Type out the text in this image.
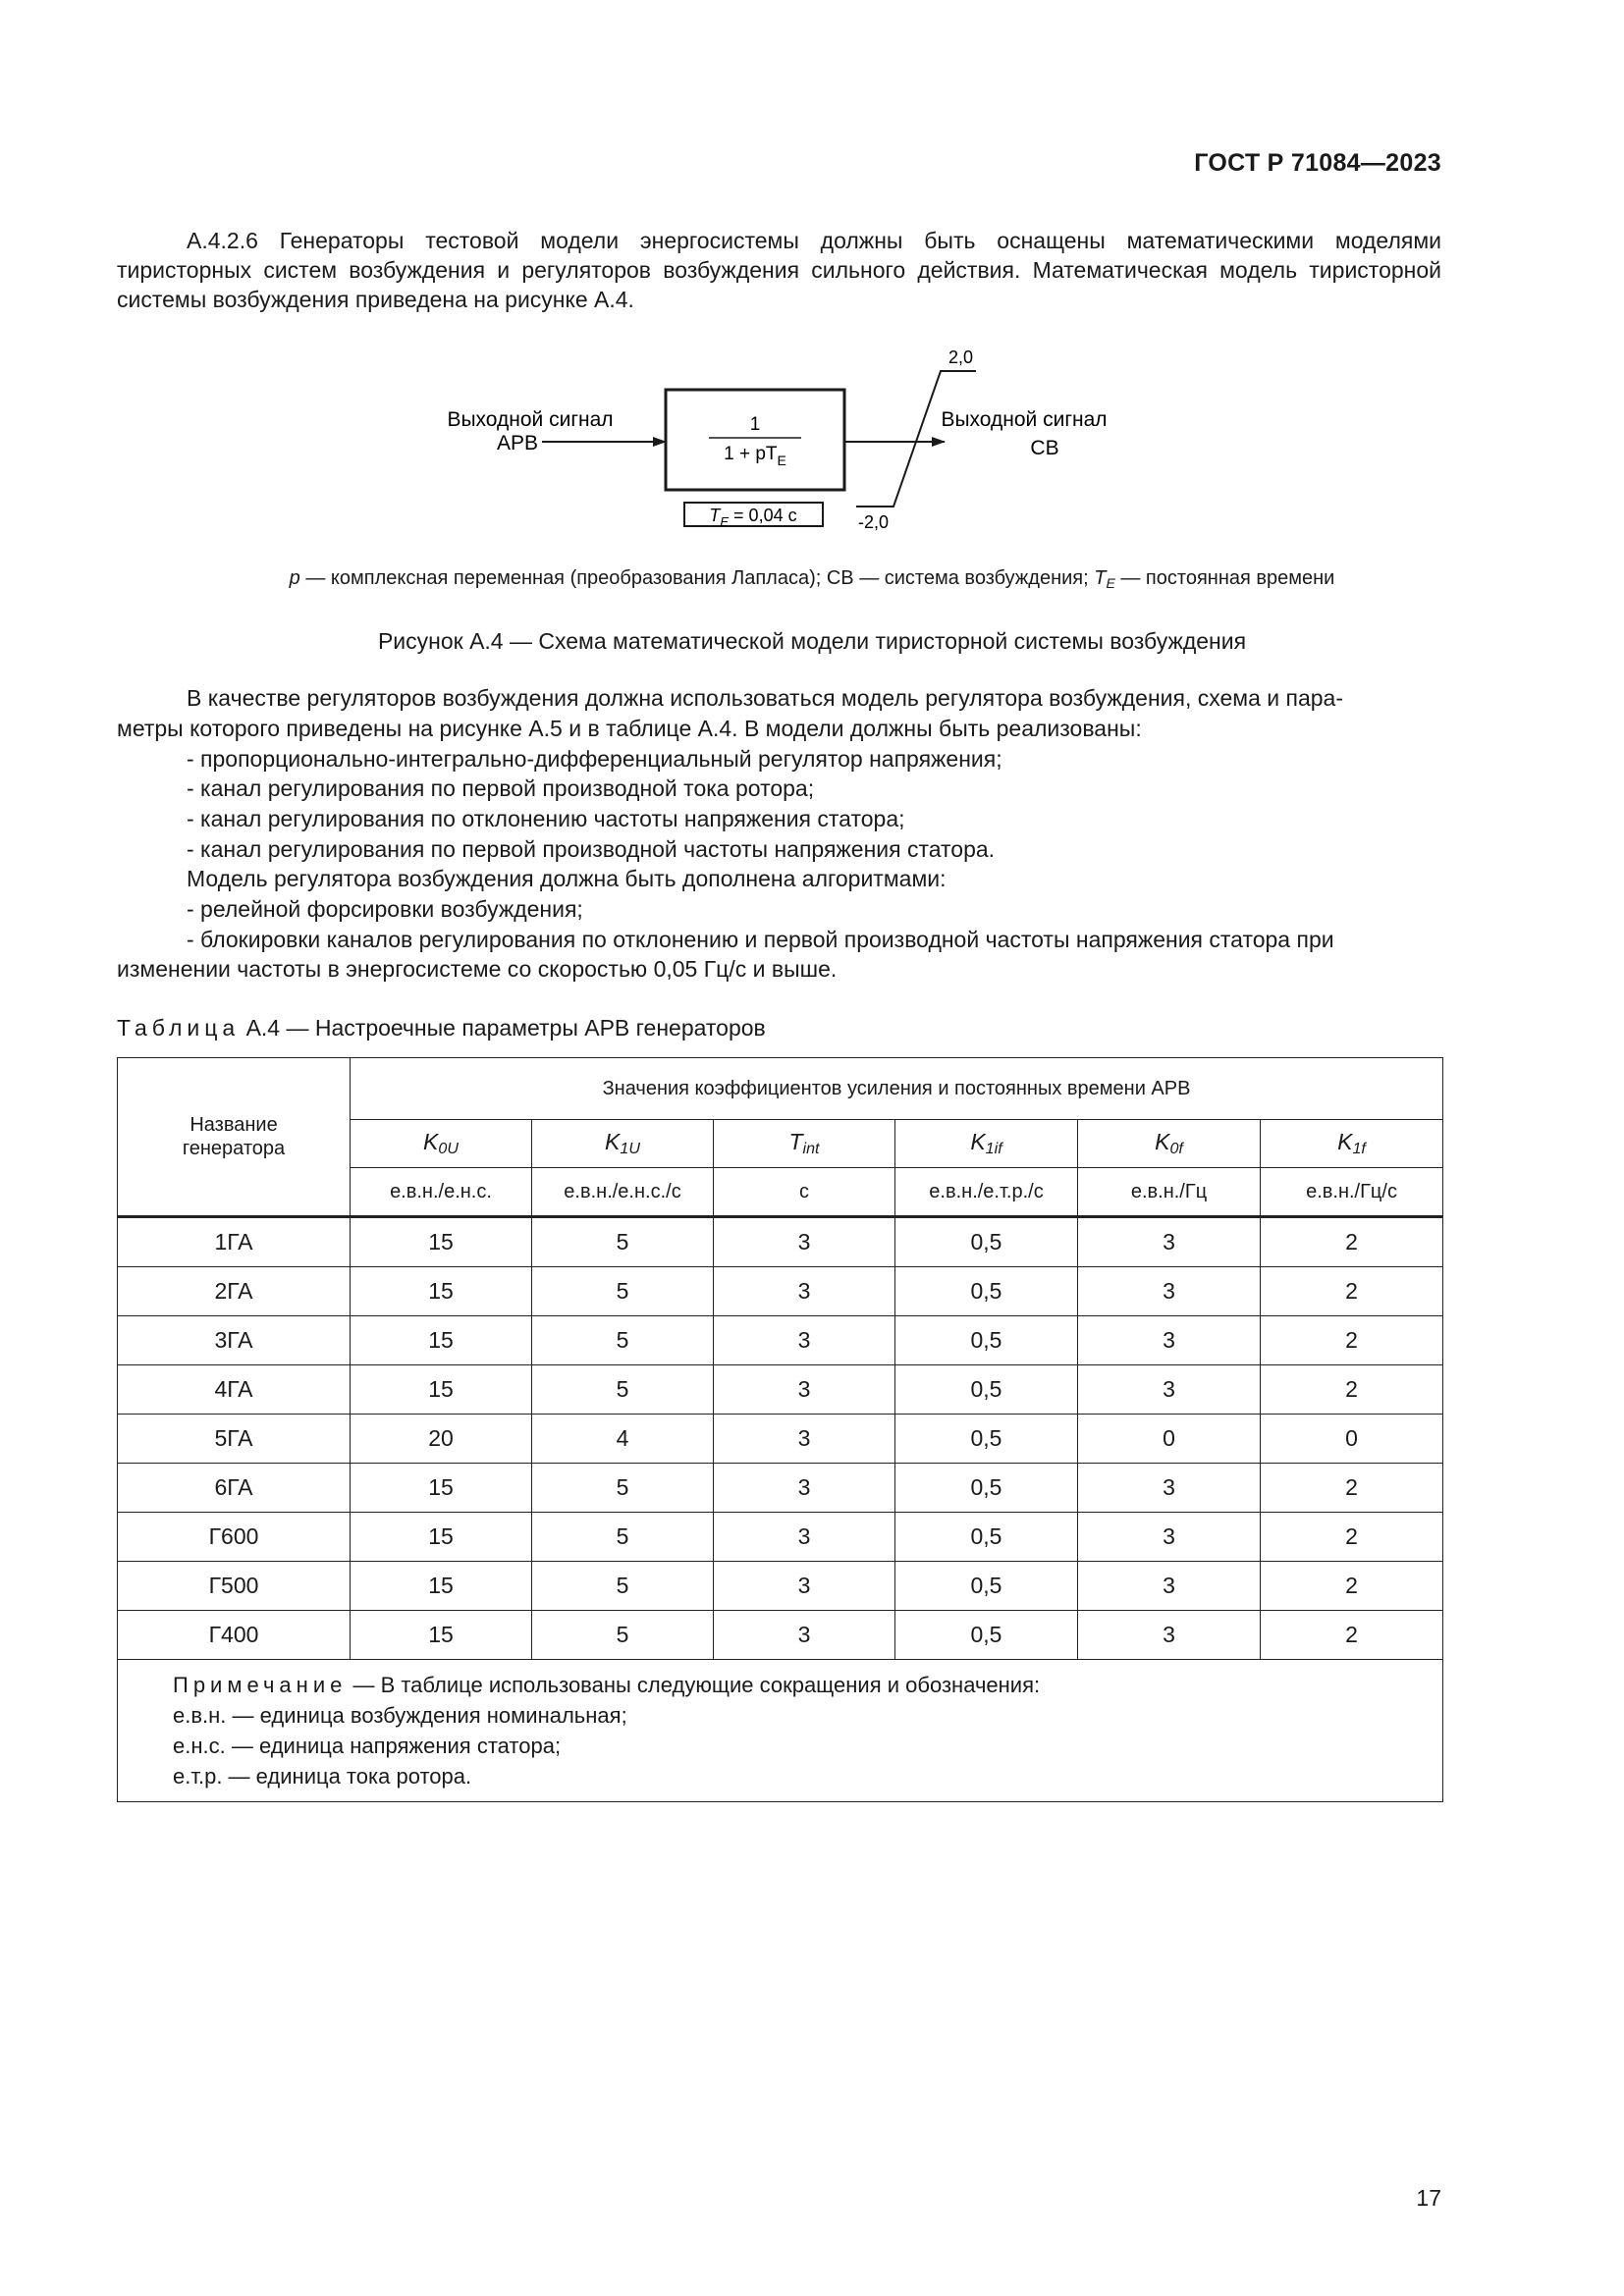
ГОСТ Р 71084—2023
А.4.2.6 Генераторы тестовой модели энергосистемы должны быть оснащены математическими моделями тиристорных систем возбуждения и регуляторов возбуждения сильного действия. Математическая модель тиристорной системы возбуждения приведена на рисунке А.4.
Выходной сигнал
АРВ
1
$1 + pT_E$
2,0
-2,0
Выходной сигнал
СВ
$T_E = 0,04$ с
p — комплексная переменная (преобразования Лапласа); СВ — система возбуждения; $T_E$ — постоянная времени
Рисунок А.4 — Схема математической модели тиристорной системы возбуждения
В качестве регуляторов возбуждения должна использоваться модель регулятора возбуждения, схема и пара-
метры которого приведены на рисунке А.5 и в таблице А.4. В модели должны быть реализованы:
- пропорционально-интегрально-дифференциальный регулятор напряжения;
- канал регулирования по первой производной тока ротора;
- канал регулирования по отклонению частоты напряжения статора;
- канал регулирования по первой производной частоты напряжения статора.
Модель регулятора возбуждения должна быть дополнена алгоритмами:
- релейной форсировки возбуждения;
- блокировки каналов регулирования по отклонению и первой производной частоты напряжения статора при
изменении частоты в энергосистеме со скоростью 0,05 Гц/с и выше.
Таблица А.4 — Настроечные параметры АРВ генераторов
Название
генератора	Значения коэффициентов усиления и постоянных времени АРВ					
	$K_{0U}$	$K_{1U}$	$T_{int}$	$K_{1if}$	$K_{0f}$	$K_{1f}$
	е.в.н./е.н.с.	е.в.н./е.н.с./с	с	е.в.н./е.т.р./с	е.в.н./Гц	е.в.н./Гц/с
1ГА	15	5	3	0,5	3	2
2ГА	15	5	3	0,5	3	2
3ГА	15	5	3	0,5	3	2
4ГА	15	5	3	0,5	3	2
5ГА	20	4	3	0,5	0	0
6ГА	15	5	3	0,5	3	2
Г600	15	5	3	0,5	3	2
Г500	15	5	3	0,5	3	2
Г400	15	5	3	0,5	3	2
Примечание — В таблице использованы следующие сокращения и обозначения:
е.в.н. — единица возбуждения номинальная;
е.н.с. — единица напряжения статора;
е.т.р. — единица тока ротора.						
17
